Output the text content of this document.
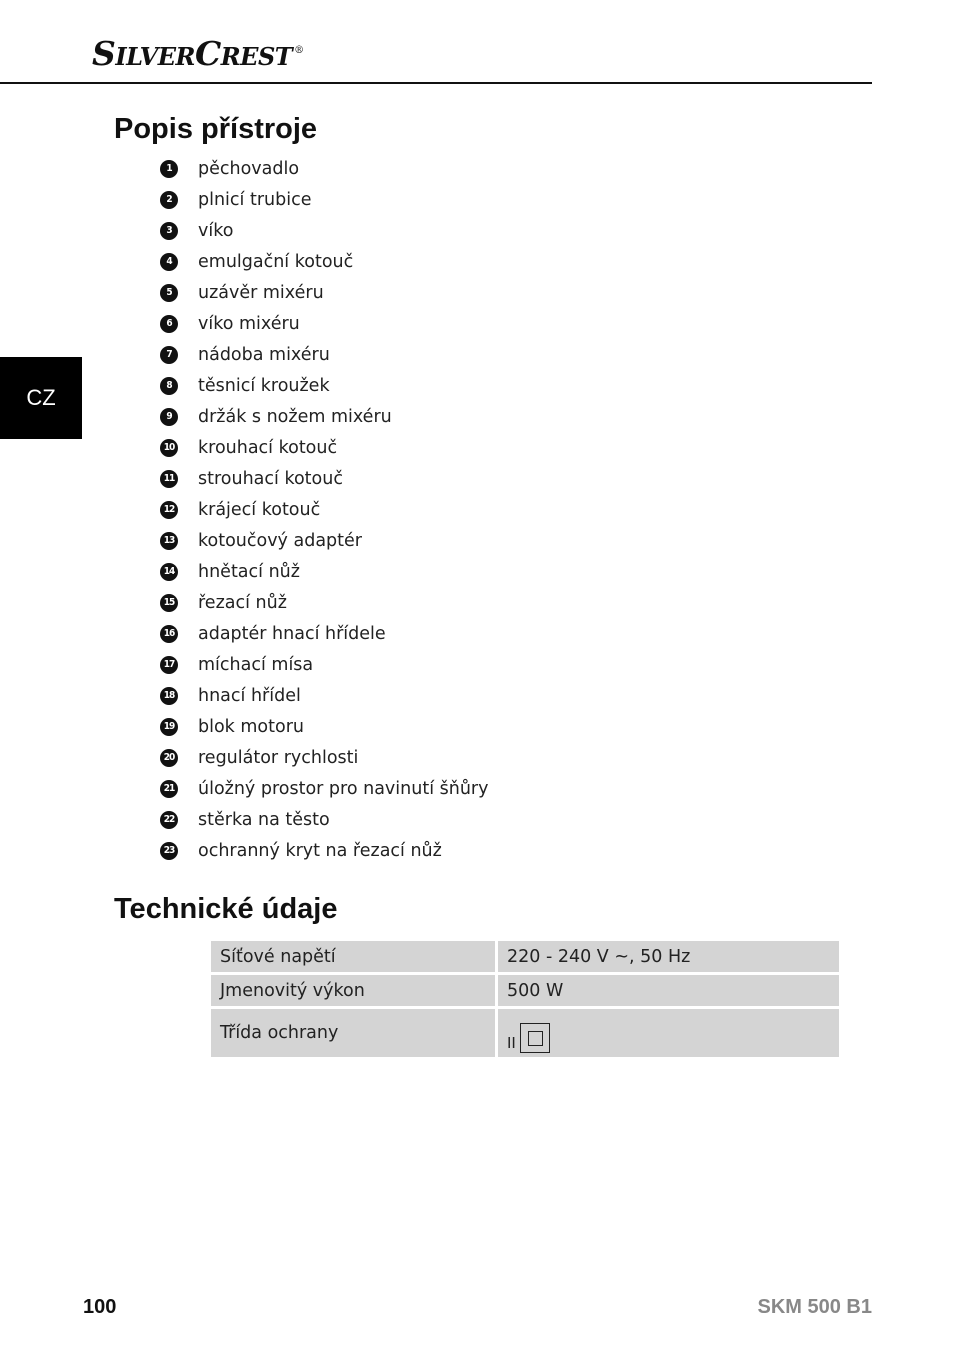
SILVERCREST ®
CZ
Popis přístroje
1	pěchovadlo
2	plnicí trubice
3	víko
4	emulgační kotouč
5	uzávěr mixéru
6	víko mixéru
7	nádoba mixéru
8	těsnicí kroužek
9	držák s nožem mixéru
10 krouhací kotouč
11 strouhací kotouč
12 krájecí kotouč
13 kotoučový adaptér
14 hnětací nůž
15 řezací nůž
16 adaptér hnací hřídele
17 míchací mísa
18 hnací hřídel
19 blok motoru
20 regulátor rychlosti
21 úložný prostor pro navinutí šňůry
22 stěrka na těsto
23 ochranný kryt na řezací nůž
Technické údaje
Síťové napětí	220 - 240 V ~, 50 Hz
Jmenovitý výkon	500 W
Třída ochrany	II
100	SKM 500 B1
